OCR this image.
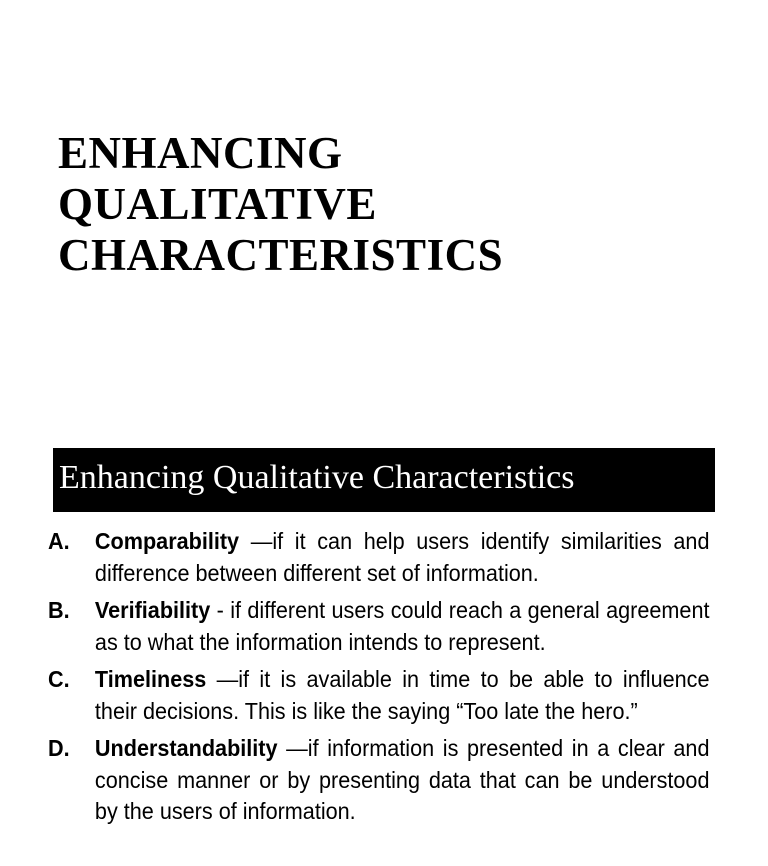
ENHANCING
QUALITATIVE
CHARACTERISTICS
Enhancing Qualitative Characteristics
A. Comparability —if it can help users identify similarities and difference between different set of information.
B. Verifiability - if different users could reach a general agreement as to what the information intends to represent.
C. Timeliness —if it is available in time to be able to influence their decisions. This is like the saying “Too late the hero.”
D. Understandability —if information is presented in a clear and concise manner or by presenting data that can be understood by the users of information.
